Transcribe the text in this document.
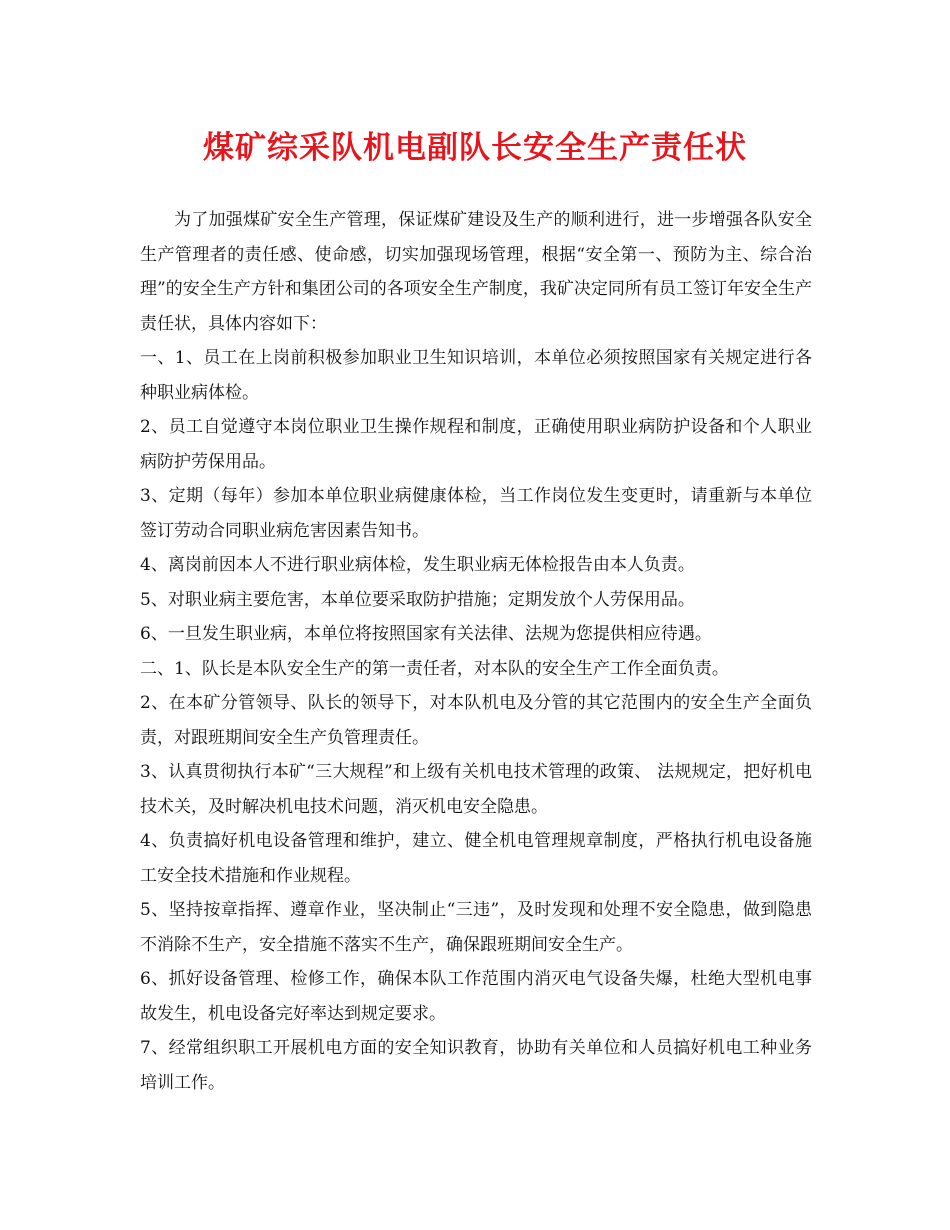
煤矿综采队机电副队长安全生产责任状

为了加强煤矿安全生产管理，保证煤矿建设及生产的顺利进行，进一步增强各队安全生产管理者的责任感、使命感，切实加强现场管理，根据“安全第一、预防为主、综合治理”的安全生产方针和集团公司的各项安全生产制度，我矿决定同所有员工签订年安全生产责任状，具体内容如下：

一、1、员工在上岗前积极参加职业卫生知识培训，本单位必须按照国家有关规定进行各种职业病体检。

2、员工自觉遵守本岗位职业卫生操作规程和制度，正确使用职业病防护设备和个人职业病防护劳保用品。

3、定期（每年）参加本单位职业病健康体检，当工作岗位发生变更时，请重新与本单位签订劳动合同职业病危害因素告知书。

4、离岗前因本人不进行职业病体检，发生职业病无体检报告由本人负责。

5、对职业病主要危害，本单位要采取防护措施；定期发放个人劳保用品。

6、一旦发生职业病，本单位将按照国家有关法律、法规为您提供相应待遇。

二、1、队长是本队安全生产的第一责任者，对本队的安全生产工作全面负责。

2、在本矿分管领导、队长的领导下，对本队机电及分管的其它范围内的安全生产全面负责，对跟班期间安全生产负管理责任。

3、认真贯彻执行本矿“三大规程”和上级有关机电技术管理的政策、 法规规定，把好机电技术关，及时解决机电技术问题，消灭机电安全隐患。

4、负责搞好机电设备管理和维护，建立、健全机电管理规章制度，严格执行机电设备施工安全技术措施和作业规程。

5、坚持按章指挥、遵章作业，坚决制止“三违”，及时发现和处理不安全隐患，做到隐患不消除不生产，安全措施不落实不生产，确保跟班期间安全生产。

6、抓好设备管理、检修工作，确保本队工作范围内消灭电气设备失爆，杜绝大型机电事故发生，机电设备完好率达到规定要求。

7、经常组织职工开展机电方面的安全知识教育，协助有关单位和人员搞好机电工种业务培训工作。
